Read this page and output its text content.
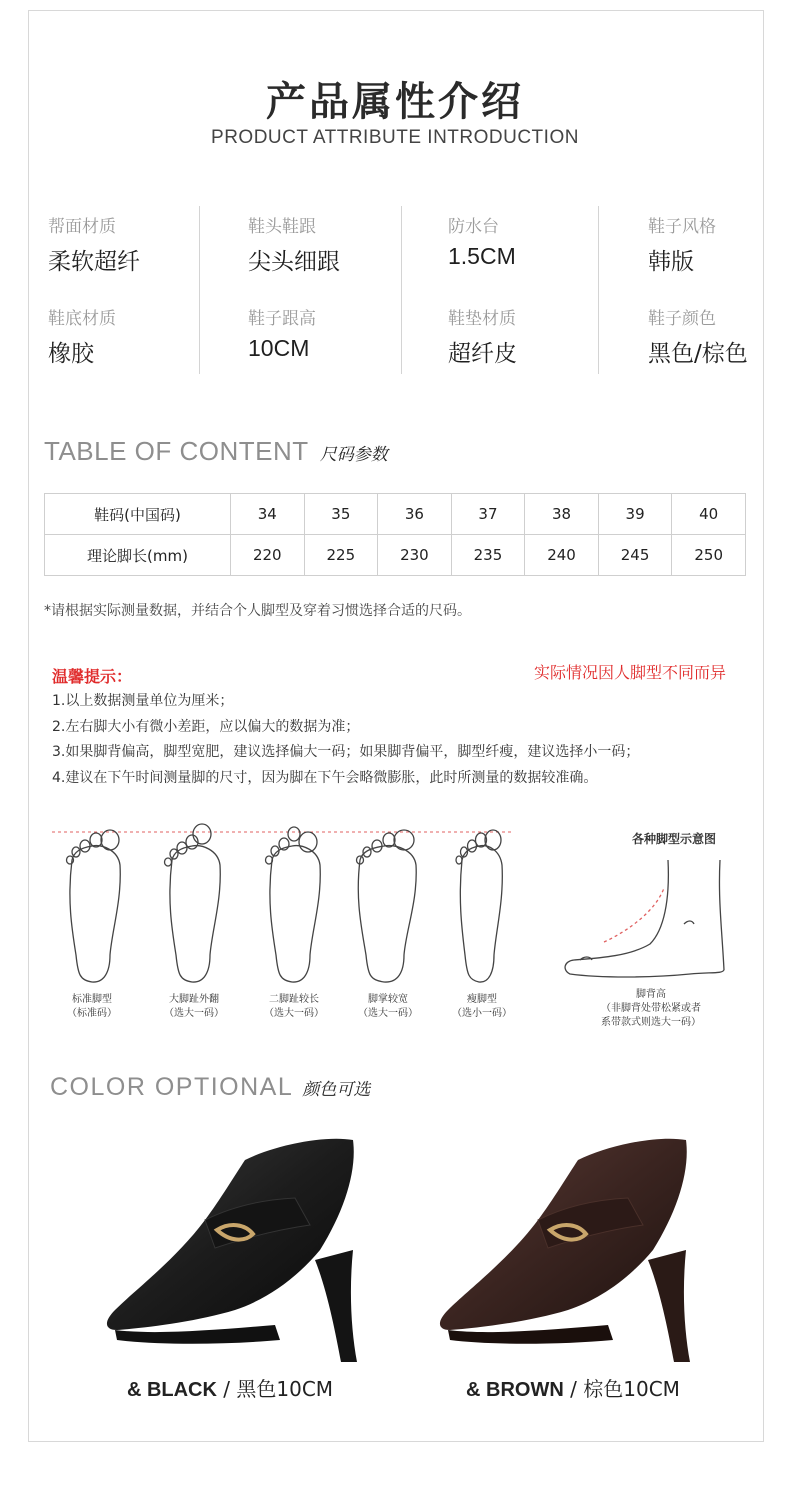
产品属性介绍
PRODUCT ATTRIBUTE INTRODUCTION
帮面材质
柔软超纤
鞋头鞋跟
尖头细跟
防水台
1.5CM
鞋子风格
韩版
鞋底材质
橡胶
鞋子跟高
10CM
鞋垫材质
超纤皮
鞋子颜色
黑色/棕色
TABLE OF CONTENT 尺码参数
鞋码(中国码)	34	35	36	37	38	39	40
理论脚长(mm)	220	225	230	235	240	245	250
*请根据实际测量数据，并结合个人脚型及穿着习惯选择合适的尺码。
温馨提示：	实际情况因人脚型不同而异
1.以上数据测量单位为厘米；
2.左右脚大小有微小差距，应以偏大的数据为准；
3.如果脚背偏高，脚型宽肥，建议选择偏大一码；如果脚背偏平，脚型纤瘦，建议选择小一码；
4.建议在下午时间测量脚的尺寸，因为脚在下午会略微膨胀，此时所测量的数据较准确。
各种脚型示意图
标准脚型
（标准码）
大脚趾外翻
（选大一码）
二脚趾较长
（选大一码）
脚掌较宽
（选大一码）
瘦脚型
（选小一码）
脚背高
（非脚背处带松紧或者
系带款式则选大一码）
COLOR OPTIONAL 颜色可选
& BLACK / 黑色10CM	& BROWN / 棕色10CM
